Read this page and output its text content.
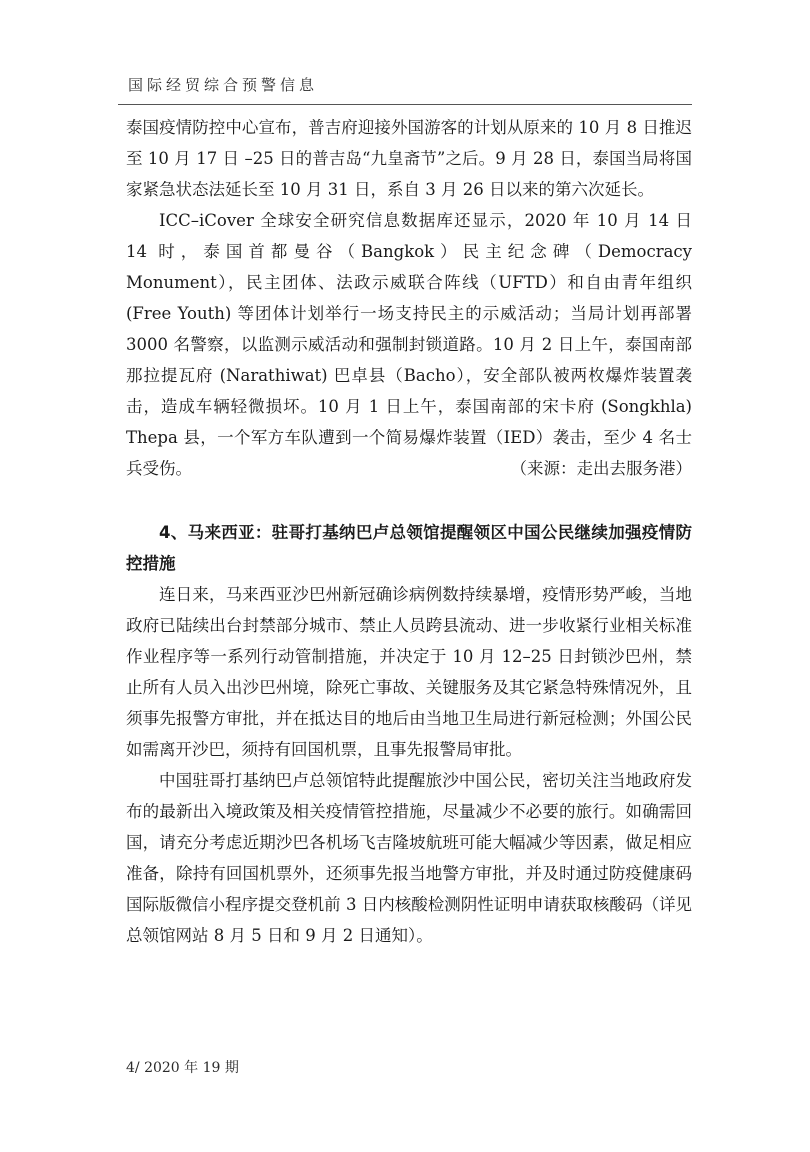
国际经贸综合预警信息

泰国疫情防控中心宣布，普吉府迎接外国游客的计划从原来的 10 月 8 日推迟至 10 月 17 日 –25 日的普吉岛“九皇斋节”之后。9 月 28 日，泰国当局将国家紧急状态法延长至 10 月 31 日，系自 3 月 26 日以来的第六次延长。

ICC–iCover 全球安全研究信息数据库还显示，2020 年 10 月 14 日 14 时，泰国首都曼谷（Bangkok）民主纪念碑（Democracy Monument），民主团体、法政示威联合阵线（UFTD）和自由青年组织 (Free Youth) 等团体计划举行一场支持民主的示威活动；当局计划再部署 3000 名警察，以监测示威活动和强制封锁道路。10 月 2 日上午，泰国南部那拉提瓦府 (Narathiwat) 巴卓县（Bacho），安全部队被两枚爆炸装置袭击，造成车辆轻微损坏。10 月 1 日上午，泰国南部的宋卡府 (Songkhla) Thepa 县，一个军方车队遭到一个简易爆炸装置（IED）袭击，至少 4 名士兵受伤。	（来源：走出去服务港）

4、马来西亚：驻哥打基纳巴卢总领馆提醒领区中国公民继续加强疫情防控措施

连日来，马来西亚沙巴州新冠确诊病例数持续暴增，疫情形势严峻，当地政府已陆续出台封禁部分城市、禁止人员跨县流动、进一步收紧行业相关标准作业程序等一系列行动管制措施，并决定于 10 月 12–25 日封锁沙巴州，禁止所有人员入出沙巴州境，除死亡事故、关键服务及其它紧急特殊情况外，且须事先报警方审批，并在抵达目的地后由当地卫生局进行新冠检测；外国公民如需离开沙巴，须持有回国机票，且事先报警局审批。

中国驻哥打基纳巴卢总领馆特此提醒旅沙中国公民，密切关注当地政府发布的最新出入境政策及相关疫情管控措施，尽量减少不必要的旅行。如确需回国，请充分考虑近期沙巴各机场飞吉隆坡航班可能大幅减少等因素，做足相应准备，除持有回国机票外，还须事先报当地警方审批，并及时通过防疫健康码国际版微信小程序提交登机前 3 日内核酸检测阴性证明申请获取核酸码（详见总领馆网站 8 月 5 日和 9 月 2 日通知）。

4/ 2020 年 19 期
